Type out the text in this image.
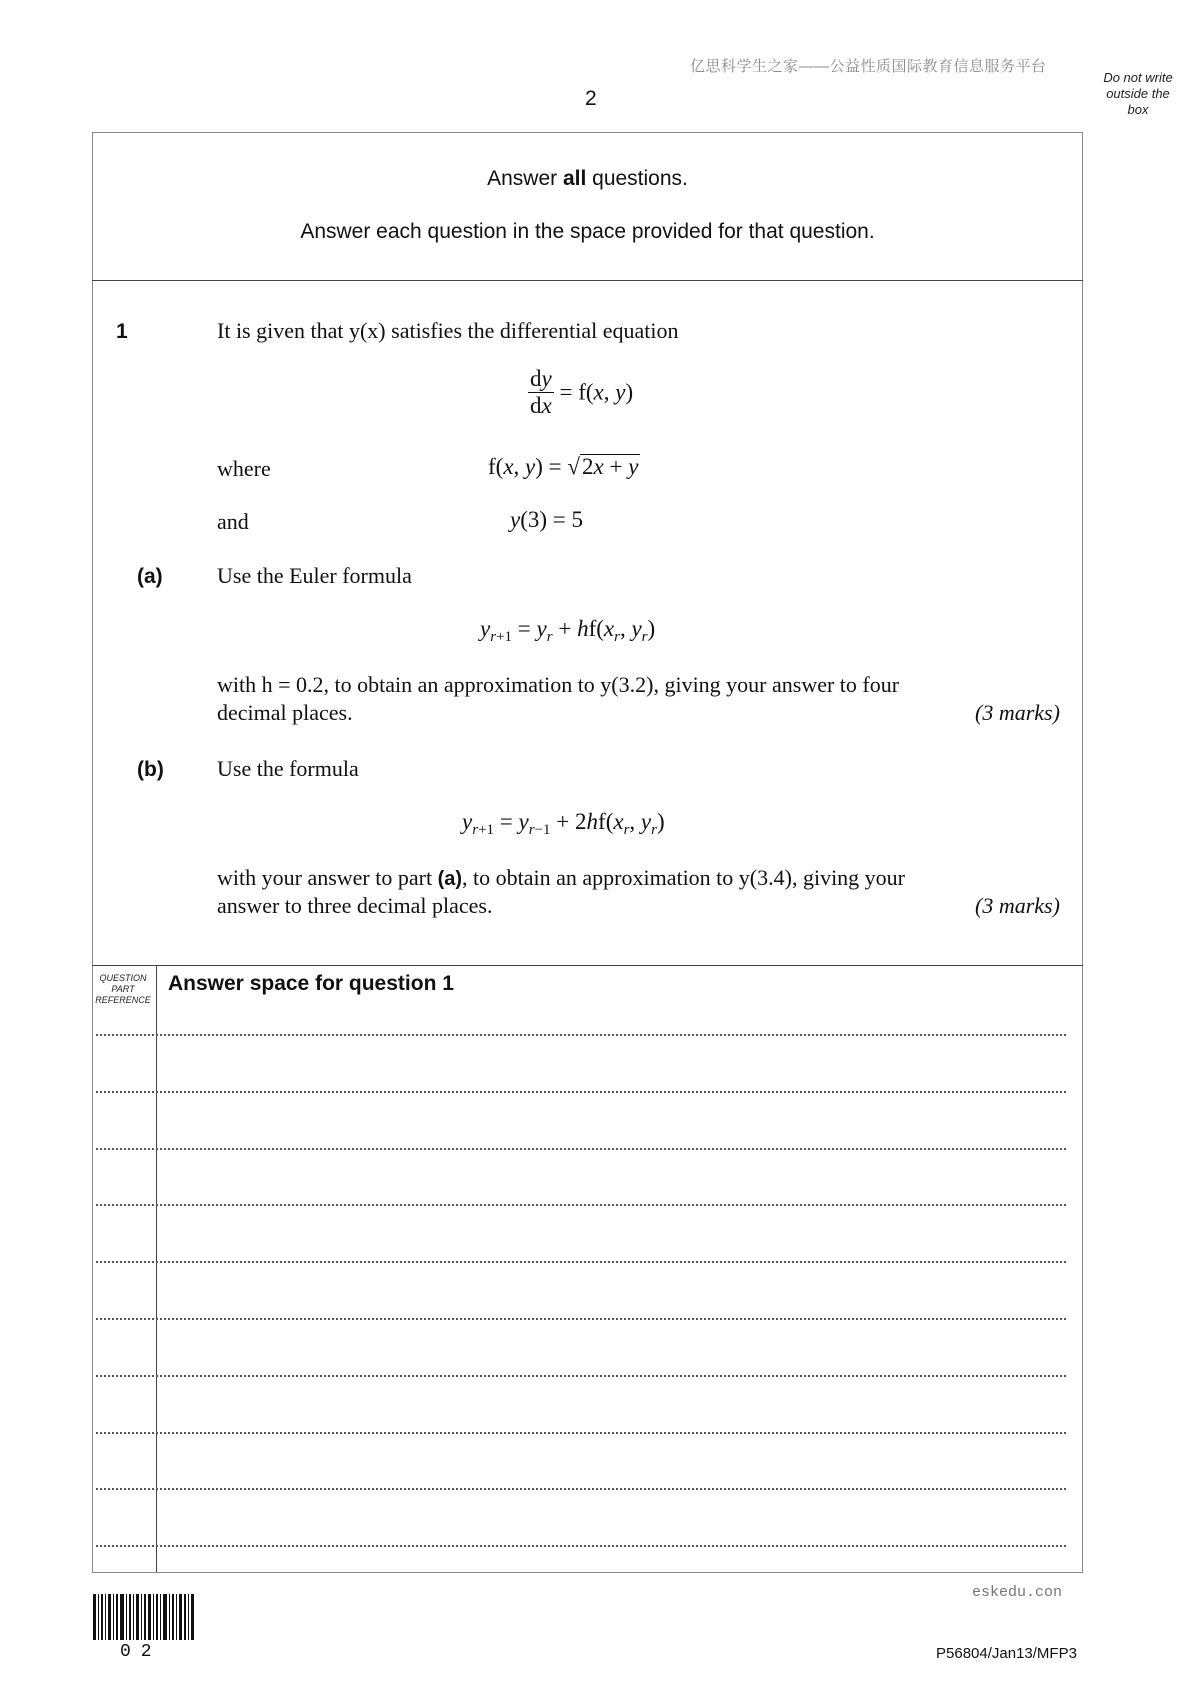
亿思科学生之家——公益性质国际教育信息服务平台
2
Do not write
outside the
box
Answer all questions.
Answer each question in the space provided for that question.
1	It is given that y(x) satisfies the differential equation
$\frac{dy}{dx} = f(x$, y)
where	f(x, y) = √2x + y
and	y(3) = 5
(a) Use the Euler formula
$y_{r+1} = y_r + hf(x_r$, $y_r$)
with h = 0.2, to obtain an approximation to y(3.2), giving your answer to four
decimal places.	(3 marks)
(b) Use the formula
$y_{r+1} = y_{r-1} + 2hf(x_r$, $y_r$)
with your answer to part (a), to obtain an approximation to y(3.4), giving your
answer to three decimal places.	(3 marks)
QUESTION
PART
REFERENCE
Answer space for question 1
eskedu.con
02	P56804/Jan13/MFP3
